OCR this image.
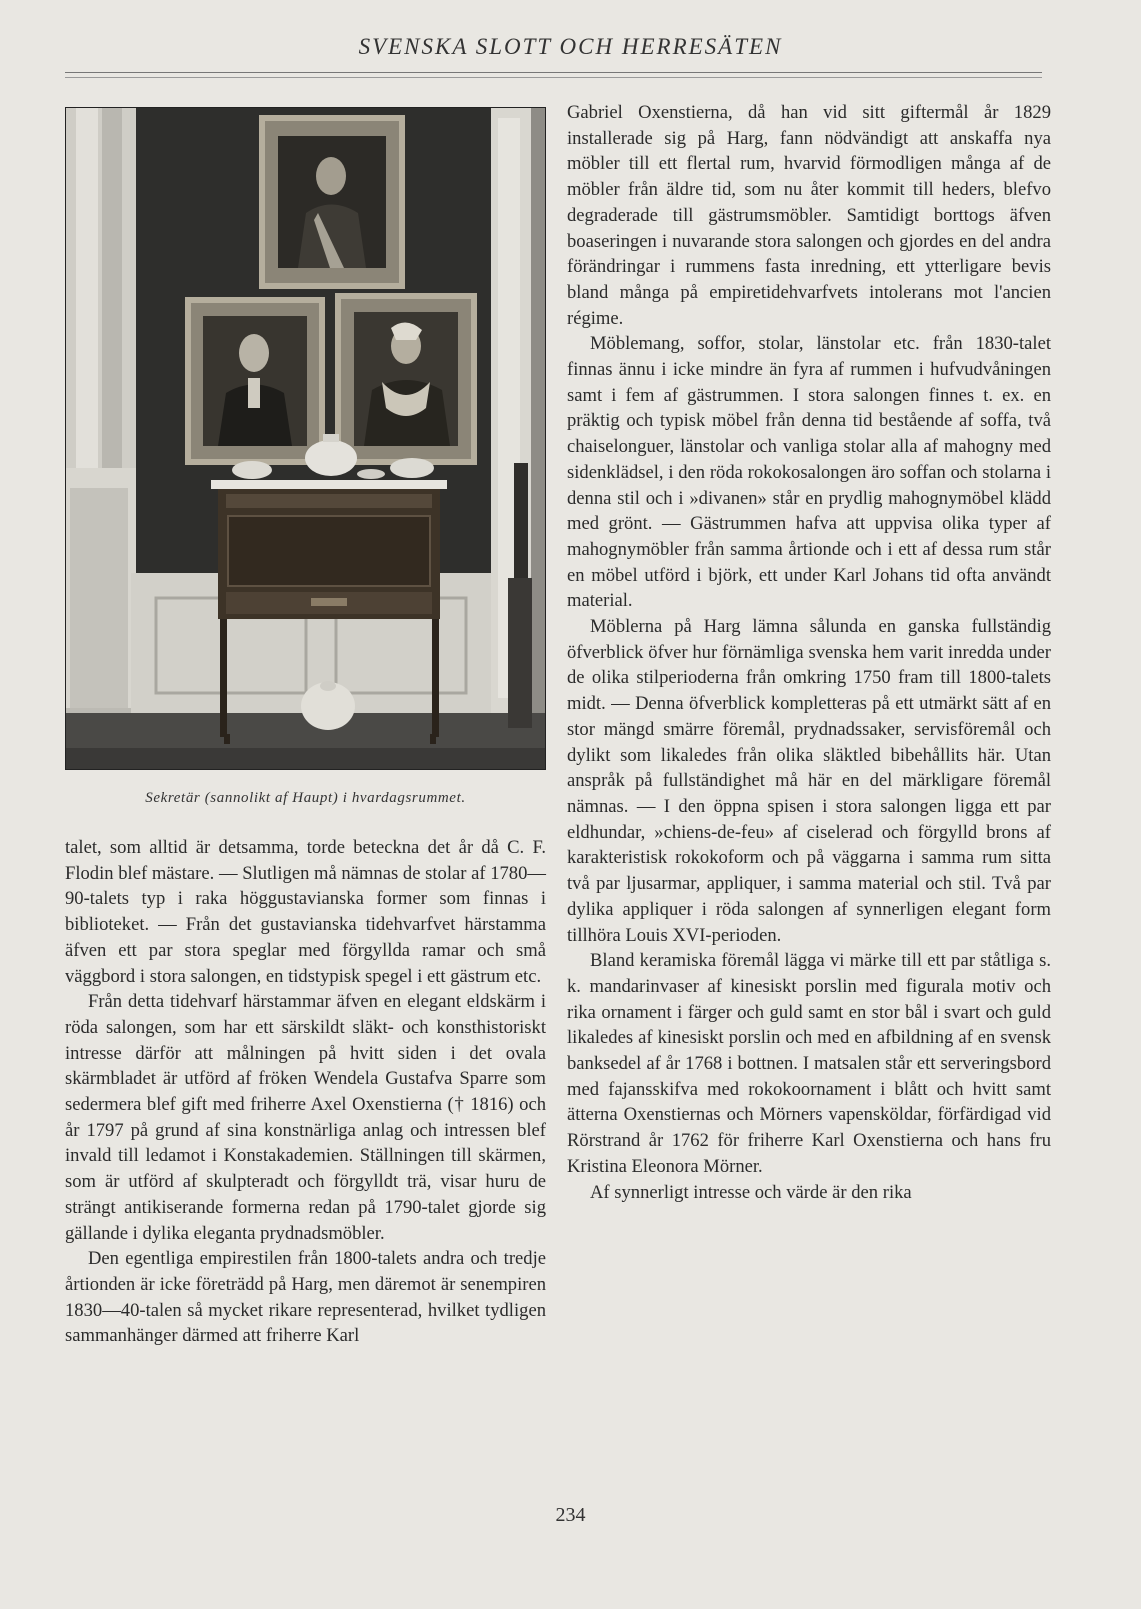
SVENSKA SLOTT OCH HERRESÄTEN
Sekretär (sannolikt af Haupt) i hvardagsrummet.

talet, som alltid är detsamma, torde beteckna det år då C. F. Flodin blef mästare. — Slutligen må nämnas de stolar af 1780—90-talets typ i raka höggustavianska former som finnas i biblioteket. — Från det gustavianska tidehvarfvet härstamma äfven ett par stora speglar med förgyllda ramar och små väggbord i stora salongen, en tidstypisk spegel i ett gästrum etc.

Från detta tidehvarf härstammar äfven en elegant eldskärm i röda salongen, som har ett särskildt släkt- och konsthistoriskt intresse därför att målningen på hvitt siden i det ovala skärmbladet är utförd af fröken Wendela Gustafva Sparre som sedermera blef gift med friherre Axel Oxenstierna († 1816) och år 1797 på grund af sina konstnärliga anlag och intressen blef invald till ledamot i Konstakademien. Ställningen till skärmen, som är utförd af skulpteradt och förgylldt trä, visar huru de strängt antikiserande formerna redan på 1790-talet gjorde sig gällande i dylika eleganta prydnadsmöbler.

Den egentliga empirestilen från 1800-talets andra och tredje årtionden är icke företrädd på Harg, men däremot är senempiren 1830—40-talen så mycket rikare representerad, hvilket tydligen sammanhänger därmed att friherre Karl

Gabriel Oxenstierna, då han vid sitt giftermål år 1829 installerade sig på Harg, fann nödvändigt att anskaffa nya möbler till ett flertal rum, hvarvid förmodligen många af de möbler från äldre tid, som nu åter kommit till heders, blefvo degraderade till gästrumsmöbler. Samtidigt borttogs äfven boaseringen i nuvarande stora salongen och gjordes en del andra förändringar i rummens fasta inredning, ett ytterligare bevis bland många på empiretidehvarfvets intolerans mot l'ancien régime.

Möblemang, soffor, stolar, länstolar etc. från 1830-talet finnas ännu i icke mindre än fyra af rummen i hufvudvåningen samt i fem af gästrummen. I stora salongen finnes t. ex. en präktig och typisk möbel från denna tid bestående af soffa, två chaiselonguer, länstolar och vanliga stolar alla af mahogny med sidenklädsel, i den röda rokokosalongen äro soffan och stolarna i denna stil och i »divanen» står en prydlig mahognymöbel klädd med grönt. — Gästrummen hafva att uppvisa olika typer af mahognymöbler från samma årtionde och i ett af dessa rum står en möbel utförd i björk, ett under Karl Johans tid ofta användt material.

Möblerna på Harg lämna sålunda en ganska fullständig öfverblick öfver hur förnämliga svenska hem varit inredda under de olika stilperioderna från omkring 1750 fram till 1800-talets midt. — Denna öfverblick kompletteras på ett utmärkt sätt af en stor mängd smärre föremål, prydnadssaker, servisföremål och dylikt som likaledes från olika släktled bibehållits här. Utan anspråk på fullständighet må här en del märkligare föremål nämnas. — I den öppna spisen i stora salongen ligga ett par eldhundar, »chiens-de-feu» af ciselerad och förgylld brons af karakteristisk rokokoform och på väggarna i samma rum sitta två par ljusarmar, appliquer, i samma material och stil. Två par dylika appliquer i röda salongen af synnerligen elegant form tillhöra Louis XVI-perioden.

Bland keramiska föremål lägga vi märke till ett par ståtliga s. k. mandarinvaser af kinesiskt porslin med figurala motiv och rika ornament i färger och guld samt en stor bål i svart och guld likaledes af kinesiskt porslin och med en afbildning af en svensk banksedel af år 1768 i bottnen. I matsalen står ett serveringsbord med fajansskifva med rokokoornament i blått och hvitt samt ätterna Oxenstiernas och Mörners vapensköldar, förfärdigad vid Rörstrand år 1762 för friherre Karl Oxenstierna och hans fru Kristina Eleonora Mörner.

Af synnerligt intresse och värde är den rika

234
